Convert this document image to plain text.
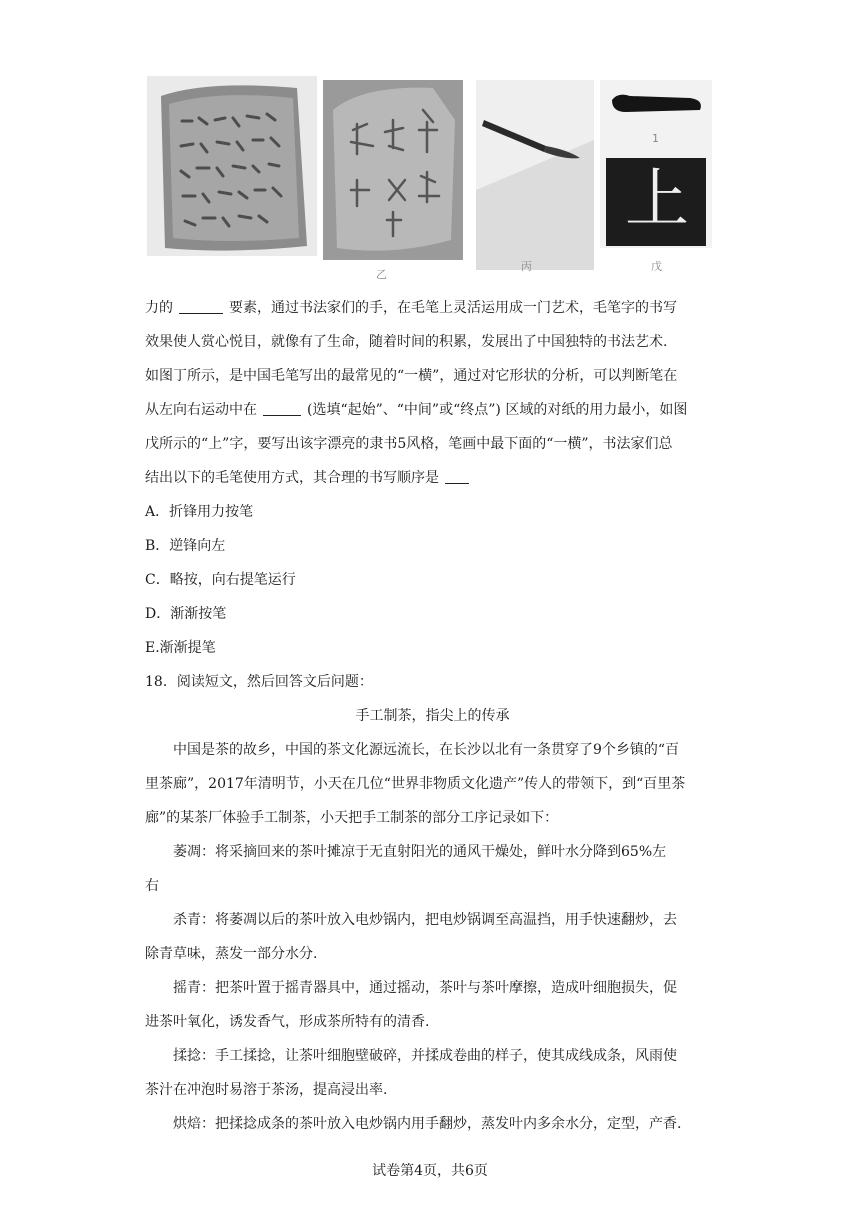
乙
丙
1
上
戊
力的	要素，通过书法家们的手，在毛笔上灵活运用成一门艺术，毛笔字的书写
效果使人赏心悦目，就像有了生命，随着时间的积累，发展出了中国独特的书法艺术.
如图丁所示，是中国毛笔写出的最常见的“一横”，通过对它形状的分析，可以判断笔在
从左向右运动中在	(选填“起始”、“中间”或“终点”) 区域的对纸的用力最小，如图
戊所示的“上”字，要写出该字漂亮的隶书5风格，笔画中最下面的“一横”，书法家们总
结出以下的毛笔使用方式，其合理的书写顺序是
A．折锋用力按笔
B．逆锋向左
C．略按，向右提笔运行
D．渐渐按笔
E.渐渐提笔
18．阅读短文，然后回答文后问题：
手工制茶，指尖上的传承
中国是茶的故乡，中国的茶文化源远流长，在长沙以北有一条贯穿了9个乡镇的“百
里茶廊”，2017年清明节，小天在几位“世界非物质文化遗产”传人的带领下，到“百里茶
廊”的某茶厂体验手工制茶，小天把手工制茶的部分工序记录如下：
萎凋：将采摘回来的茶叶摊凉于无直射阳光的通风干燥处，鲜叶水分降到65%左
右
杀青：将萎凋以后的茶叶放入电炒锅内，把电炒锅调至高温挡，用手快速翻炒，去
除青草味，蒸发一部分水分.
摇青：把茶叶置于摇青器具中，通过摇动，茶叶与茶叶摩擦，造成叶细胞损失，促
进茶叶氧化，诱发香气，形成茶所特有的清香.
揉捻：手工揉捻，让茶叶细胞壁破碎，并揉成卷曲的样子，使其成线成条，风雨使
茶汁在冲泡时易溶于茶汤，提高浸出率.
烘焙：把揉捻成条的茶叶放入电炒锅内用手翻炒，蒸发叶内多余水分，定型，产香.
试卷第4页，共6页
